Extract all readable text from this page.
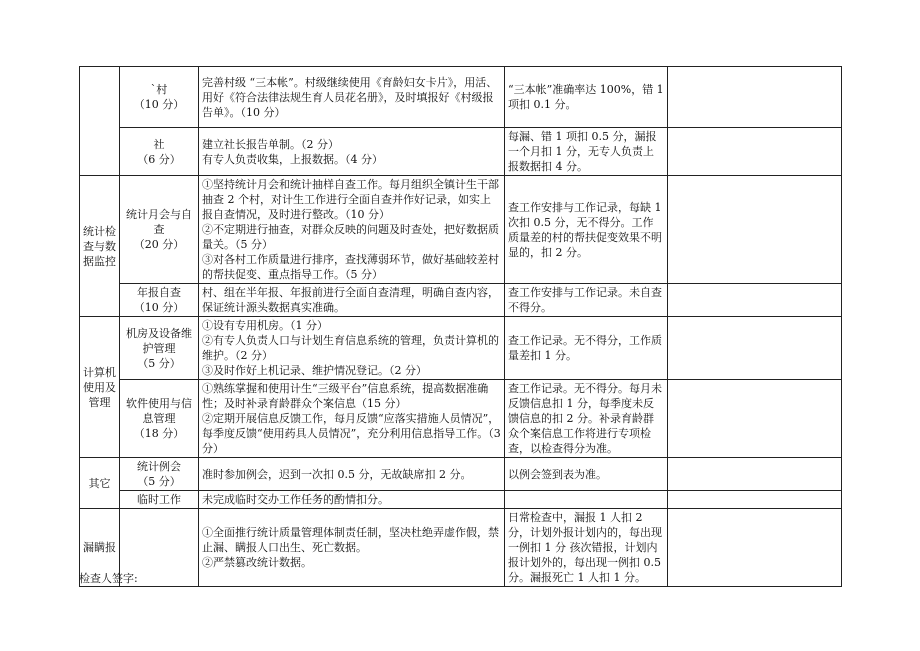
	`村
（10 分）	完善村级 “三本帐”。村级继续使用《育龄妇女卡片》，用活、用好《符合法律法规生育人员花名册》，及时填报好《村级报告单》。（10 分）	“三本帐”准确率达 100%，错 1 项扣 0.1 分。	

	社
（6 分）	建立社长报告单制。（2 分）
有专人负责收集，上报数据。（4 分）	每漏、错 1 项扣 0.5 分，漏报一个月扣 1 分，无专人负责上报数据扣 4 分。	

统计检查与数据监控	统计月会与自查
（20 分）	①坚持统计月会和统计抽样自查工作。每月组织全镇计生干部抽查 2 个村，对计生工作进行全面自查并作好记录，如实上报自查情况，及时进行整改。（10 分）
②不定期进行抽查，对群众反映的问题及时查处，把好数据质量关。（5 分）
③对各村工作质量进行排序，查找薄弱环节，做好基础较差村的帮扶促变、重点指导工作。（5 分）	查工作安排与工作记录，每缺 1 次扣 0.5 分，无不得分。工作质量差的村的帮扶促变效果不明显的，扣 2 分。	

	年报自查
（10 分）	村、组在半年报、年报前进行全面自查清理，明确自查内容，保证统计源头数据真实准确。	查工作安排与工作记录。未自查不得分。	

计算机使用及管理	机房及设备维护管理
（5 分）	①设有专用机房。（1 分）
②有专人负责人口与计划生育信息系统的管理，负责计算机的维护。（2 分）
③及时作好上机记录、维护情况登记。（2 分）	查工作记录。无不得分，工作质量差扣 1 分。	

	软件使用与信息管理
（18 分）	①熟练掌握和使用计生“三级平台”信息系统，提高数据准确性；及时补录育龄群众个案信息（15 分）
②定期开展信息反馈工作，每月反馈“应落实措施人员情况”，每季度反馈“使用药具人员情况”，充分利用信息指导工作。（3 分）	查工作记录。无不得分。每月未反馈信息扣 1 分，每季度未反馈信息的扣 2 分。补录育龄群众个案信息工作将进行专项检查，以检查得分为准。	

其它	统计例会
（5 分）	准时参加例会，迟到一次扣 0.5 分，无故缺席扣 2 分。	以例会签到表为准。	

	临时工作	未完成临时交办工作任务的酌情扣分。		

漏瞒报		①全面推行统计质量管理体制责任制，坚决杜绝弄虚作假，禁止漏、瞒报人口出生、死亡数据。
②严禁篡改统计数据。	日常检查中，漏报 1 人扣 2 分，计划外报计划内的，每出现一例扣 1 分 孩次错报，计划内报计划外的，每出现一例扣 0.5 分。漏报死亡 1 人扣 1 分。	

检查人签字:
